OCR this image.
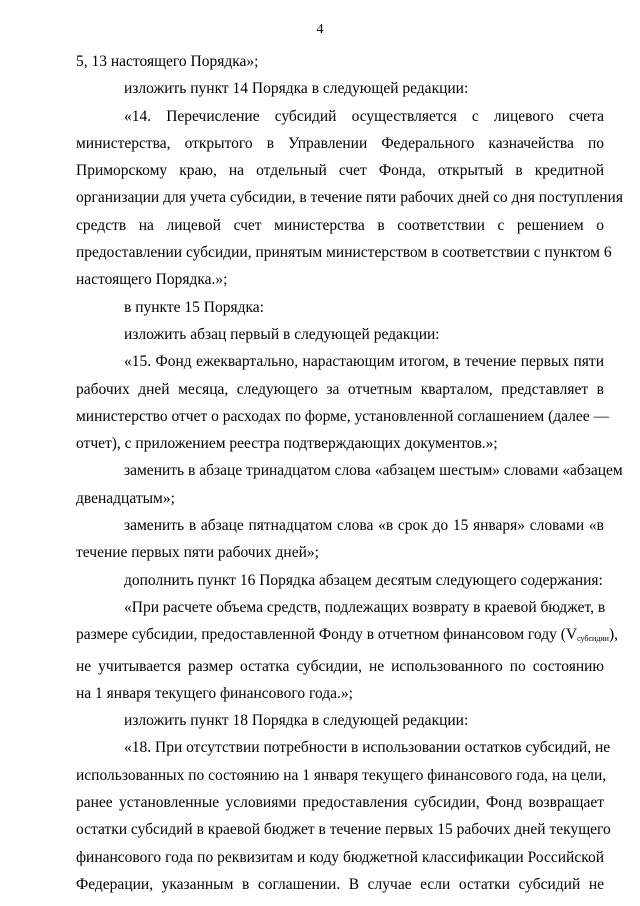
4

5, 13 настоящего Порядка»;

изложить пункт 14 Порядка в следующей редакции:

«14. Перечисление субсидий осуществляется с лицевого счета
министерства, открытого в Управлении Федерального казначейства по
Приморскому краю, на отдельный счет Фонда, открытый в кредитной
организации для учета субсидии, в течение пяти рабочих дней со дня поступления
средств на лицевой счет министерства в соответствии с решением о
предоставлении субсидии, принятым министерством в соответствии с пунктом 6
настоящего Порядка.»;

в пункте 15 Порядка:

изложить абзац первый в следующей редакции:

«15. Фонд ежеквартально, нарастающим итогом, в течение первых пяти
рабочих дней месяца, следующего за отчетным кварталом, представляет в
министерство отчет о расходах по форме, установленной соглашением (далее —
отчет), с приложением реестра подтверждающих документов.»;

заменить в абзаце тринадцатом слова «абзацем шестым» словами «абзацем
двенадцатым»;

заменить в абзаце пятнадцатом слова «в срок до 15 января» словами «в
течение первых пяти рабочих дней»;

дополнить пункт 16 Порядка абзацем десятым следующего содержания:

«При расчете объема средств, подлежащих возврату в краевой бюджет, в
размере субсидии, предоставленной Фонду в отчетном финансовом году $(V_{субсидии})$,
не учитывается размер остатка субсидии, не использованного по состоянию
на 1 января текущего финансового года.»;

изложить пункт 18 Порядка в следующей редакции:

«18. При отсутствии потребности в использовании остатков субсидий, не
использованных по состоянию на 1 января текущего финансового года, на цели,
ранее установленные условиями предоставления субсидии, Фонд возвращает
остатки субсидий в краевой бюджет в течение первых 15 рабочих дней текущего
финансового года по реквизитам и коду бюджетной классификации Российской
Федерации, указанным в соглашении. В случае если остатки субсидий не
